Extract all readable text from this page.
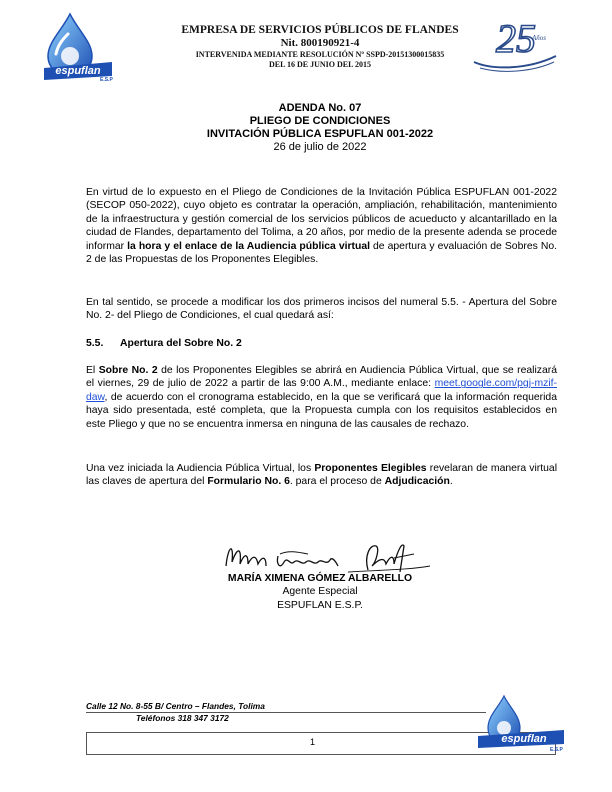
espuflan
E.S.P
EMPRESA DE SERVICIOS PÚBLICOS DE FLANDES
Nit. 800190921-4
INTERVENIDA MEDIANTE RESOLUCIÓN Nº SSPD-20151300015835
DEL 16 DE JUNIO DEL 2015
25
Años
ADENDA No. 07
PLIEGO DE CONDICIONES
INVITACIÓN PÚBLICA ESPUFLAN 001-2022
26 de julio de 2022
En virtud de lo expuesto en el Pliego de Condiciones de la Invitación Pública ESPUFLAN 001-2022 (SECOP 050-2022), cuyo objeto es contratar la operación, ampliación, rehabilitación, mantenimiento de la infraestructura y gestión comercial de los servicios públicos de acueducto y alcantarillado en la ciudad de Flandes, departamento del Tolima, a 20 años, por medio de la presente adenda se procede informar la hora y el enlace de la Audiencia pública virtual de apertura y evaluación de Sobres No. 2 de las Propuestas de los Proponentes Elegibles.
En tal sentido, se procede a modificar los dos primeros incisos del numeral 5.5. - Apertura del Sobre No. 2- del Pliego de Condiciones, el cual quedará así:
5.5. Apertura del Sobre No. 2
El Sobre No. 2 de los Proponentes Elegibles se abrirá en Audiencia Pública Virtual, que se realizará el viernes, 29 de julio de 2022 a partir de las 9:00 A.M., mediante enlace: meet.google.com/pgj-mzif-daw, de acuerdo con el cronograma establecido, en la que se verificará que la información requerida haya sido presentada, esté completa, que la Propuesta cumpla con los requisitos establecidos en este Pliego y que no se encuentra inmersa en ninguna de las causales de rechazo.
Una vez iniciada la Audiencia Pública Virtual, los Proponentes Elegibles revelaran de manera virtual las claves de apertura del Formulario No. 6. para el proceso de Adjudicación.
MARÍA XIMENA GÓMEZ ALBARELLO
Agente Especial
ESPUFLAN E.S.P.
Calle 12 No. 8-55 B/ Centro – Flandes, Tolima
Teléfonos 318 347 3172
1	espuflan
E.S.P
